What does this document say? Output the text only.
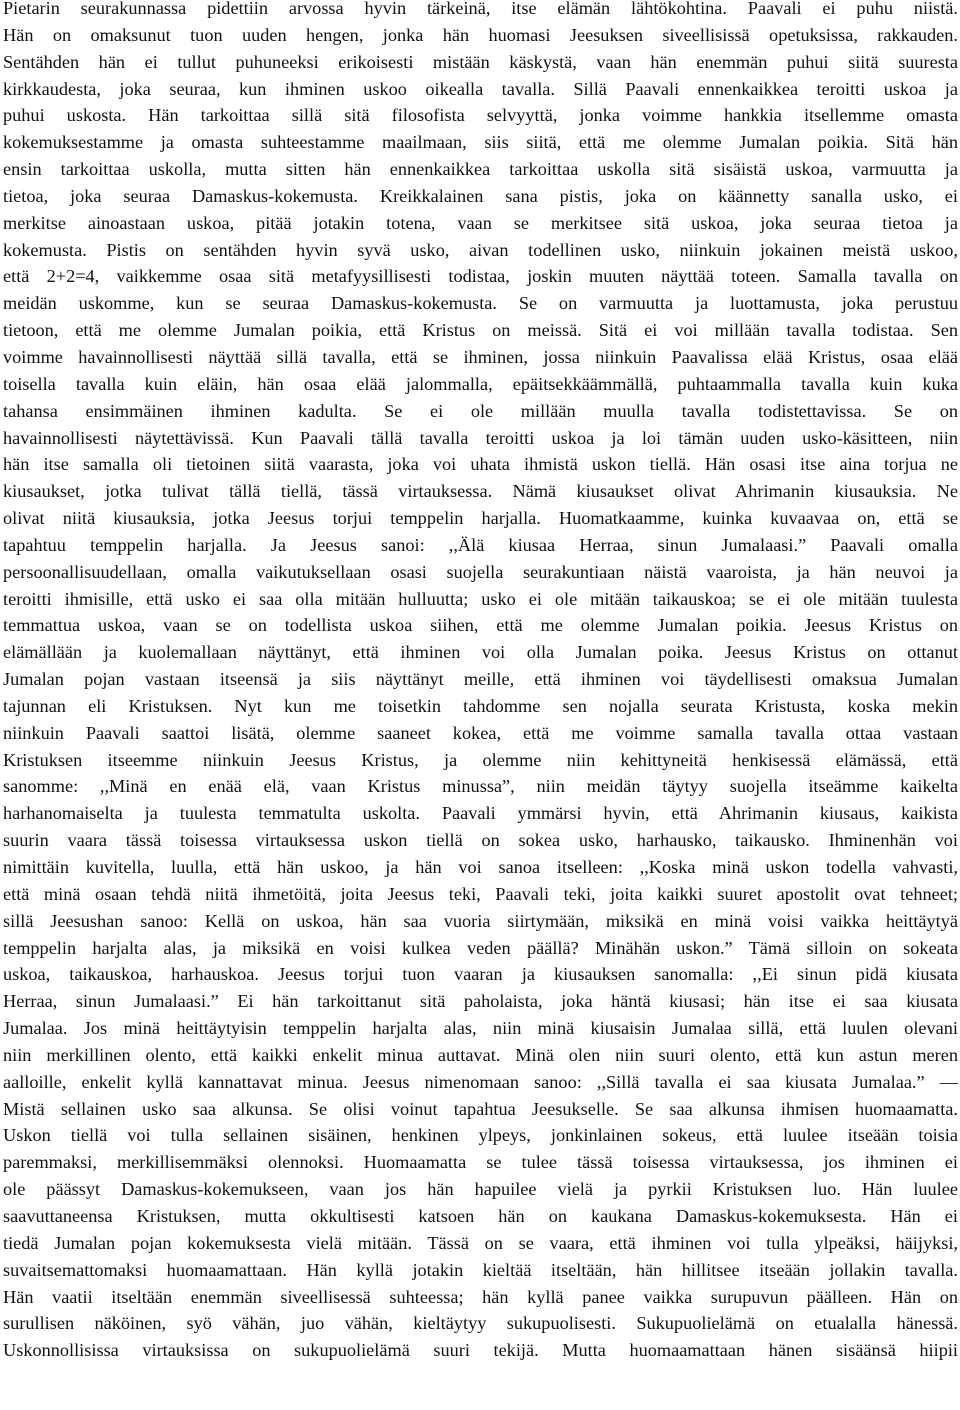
Pietarin seurakunnassa pidettiin arvossa hyvin tärkeinä, itse elämän lähtökohtina. Paavali ei puhu niistä.
Hän on omaksunut tuon uuden hengen, jonka hän huomasi Jeesuksen siveellisissä opetuksissa, rakkauden.
Sentähden hän ei tullut puhuneeksi erikoisesti mistään käskystä, vaan hän enemmän puhui siitä suuresta
kirkkaudesta, joka seuraa, kun ihminen uskoo oikealla tavalla. Sillä Paavali ennenkaikkea teroitti uskoa ja
puhui uskosta. Hän tarkoittaa sillä sitä filosofista selvyyttä, jonka voimme hankkia itsellemme omasta
kokemuksestamme ja omasta suhteestamme maailmaan, siis siitä, että me olemme Jumalan poikia. Sitä hän
ensin tarkoittaa uskolla, mutta sitten hän ennenkaikkea tarkoittaa uskolla sitä sisäistä uskoa, varmuutta ja
tietoa, joka seuraa Damaskus-kokemusta. Kreikkalainen sana pistis, joka on käännetty sanalla usko, ei
merkitse ainoastaan uskoa, pitää jotakin totena, vaan se merkitsee sitä uskoa, joka seuraa tietoa ja
kokemusta. Pistis on sentähden hyvin syvä usko, aivan todellinen usko, niinkuin jokainen meistä uskoo,
että 2+2=4, vaikkemme osaa sitä metafyysillisesti todistaa, joskin muuten näyttää toteen. Samalla tavalla on
meidän uskomme, kun se seuraa Damaskus-kokemusta. Se on varmuutta ja luottamusta, joka perustuu
tietoon, että me olemme Jumalan poikia, että Kristus on meissä. Sitä ei voi millään tavalla todistaa. Sen
voimme havainnollisesti näyttää sillä tavalla, että se ihminen, jossa niinkuin Paavalissa elää Kristus, osaa elää
toisella tavalla kuin eläin, hän osaa elää jalommalla, epäitsekkäämmällä, puhtaammalla tavalla kuin kuka
tahansa ensimmäinen ihminen kadulta. Se ei ole millään muulla tavalla todistettavissa. Se on
havainnollisesti näytettävissä. Kun Paavali tällä tavalla teroitti uskoa ja loi tämän uuden usko-käsitteen, niin
hän itse samalla oli tietoinen siitä vaarasta, joka voi uhata ihmistä uskon tiellä. Hän osasi itse aina torjua ne
kiusaukset, jotka tulivat tällä tiellä, tässä virtauksessa. Nämä kiusaukset olivat Ahrimanin kiusauksia. Ne
olivat niitä kiusauksia, jotka Jeesus torjui temppelin harjalla. Huomatkaamme, kuinka kuvaavaa on, että se
tapahtuu temppelin harjalla. Ja Jeesus sanoi: ,,Älä kiusaa Herraa, sinun Jumalaasi.” Paavali omalla
persoonallisuudellaan, omalla vaikutuksellaan osasi suojella seurakuntiaan näistä vaaroista, ja hän neuvoi ja
teroitti ihmisille, että usko ei saa olla mitään hulluutta; usko ei ole mitään taikauskoa; se ei ole mitään tuulesta
temmattua uskoa, vaan se on todellista uskoa siihen, että me olemme Jumalan poikia. Jeesus Kristus on
elämällään ja kuolemallaan näyttänyt, että ihminen voi olla Jumalan poika. Jeesus Kristus on ottanut
Jumalan pojan vastaan itseensä ja siis näyttänyt meille, että ihminen voi täydellisesti omaksua Jumalan
tajunnan eli Kristuksen. Nyt kun me toisetkin tahdomme sen nojalla seurata Kristusta, koska mekin
niinkuin Paavali saattoi lisätä, olemme saaneet kokea, että me voimme samalla tavalla ottaa vastaan
Kristuksen itseemme niinkuin Jeesus Kristus, ja olemme niin kehittyneitä henkisessä elämässä, että
sanomme: ,,Minä en enää elä, vaan Kristus minussa”, niin meidän täytyy suojella itseämme kaikelta
harhanomaiselta ja tuulesta temmatulta uskolta. Paavali ymmärsi hyvin, että Ahrimanin kiusaus, kaikista
suurin vaara tässä toisessa virtauksessa uskon tiellä on sokea usko, harhausko, taikausko. Ihminenhän voi
nimittäin kuvitella, luulla, että hän uskoo, ja hän voi sanoa itselleen: ,,Koska minä uskon todella vahvasti,
että minä osaan tehdä niitä ihmetöitä, joita Jeesus teki, Paavali teki, joita kaikki suuret apostolit ovat tehneet;
sillä Jeesushan sanoo: Kellä on uskoa, hän saa vuoria siirtymään, miksikä en minä voisi vaikka heittäytyä
temppelin harjalta alas, ja miksikä en voisi kulkea veden päällä? Minähän uskon.” Tämä silloin on sokeata
uskoa, taikauskoa, harhauskoa. Jeesus torjui tuon vaaran ja kiusauksen sanomalla: ,,Ei sinun pidä kiusata
Herraa, sinun Jumalaasi.” Ei hän tarkoittanut sitä paholaista, joka häntä kiusasi; hän itse ei saa kiusata
Jumalaa. Jos minä heittäytyisin temppelin harjalta alas, niin minä kiusaisin Jumalaa sillä, että luulen olevani
niin merkillinen olento, että kaikki enkelit minua auttavat. Minä olen niin suuri olento, että kun astun meren
aalloille, enkelit kyllä kannattavat minua. Jeesus nimenomaan sanoo: ,,Sillä tavalla ei saa kiusata Jumalaa.” —
Mistä sellainen usko saa alkunsa. Se olisi voinut tapahtua Jeesukselle. Se saa alkunsa ihmisen huomaamatta.
Uskon tiellä voi tulla sellainen sisäinen, henkinen ylpeys, jonkinlainen sokeus, että luulee itseään toisia
paremmaksi, merkillisemmäksi olennoksi. Huomaamatta se tulee tässä toisessa virtauksessa, jos ihminen ei
ole päässyt Damaskus-kokemukseen, vaan jos hän hapuilee vielä ja pyrkii Kristuksen luo. Hän luulee
saavuttaneensa Kristuksen, mutta okkultisesti katsoen hän on kaukana Damaskus-kokemuksesta. Hän ei
tiedä Jumalan pojan kokemuksesta vielä mitään. Tässä on se vaara, että ihminen voi tulla ylpeäksi, häijyksi,
suvaitsemattomaksi huomaamattaan. Hän kyllä jotakin kieltää itseltään, hän hillitsee itseään jollakin tavalla.
Hän vaatii itseltään enemmän siveellisessä suhteessa; hän kyllä panee vaikka surupuvun päälleen. Hän on
surullisen näköinen, syö vähän, juo vähän, kieltäytyy sukupuolisesti. Sukupuolielämä on etualalla hänessä.
Uskonnollisissa virtauksissa on sukupuolielämä suuri tekijä. Mutta huomaamattaan hänen sisäänsä hiipii
